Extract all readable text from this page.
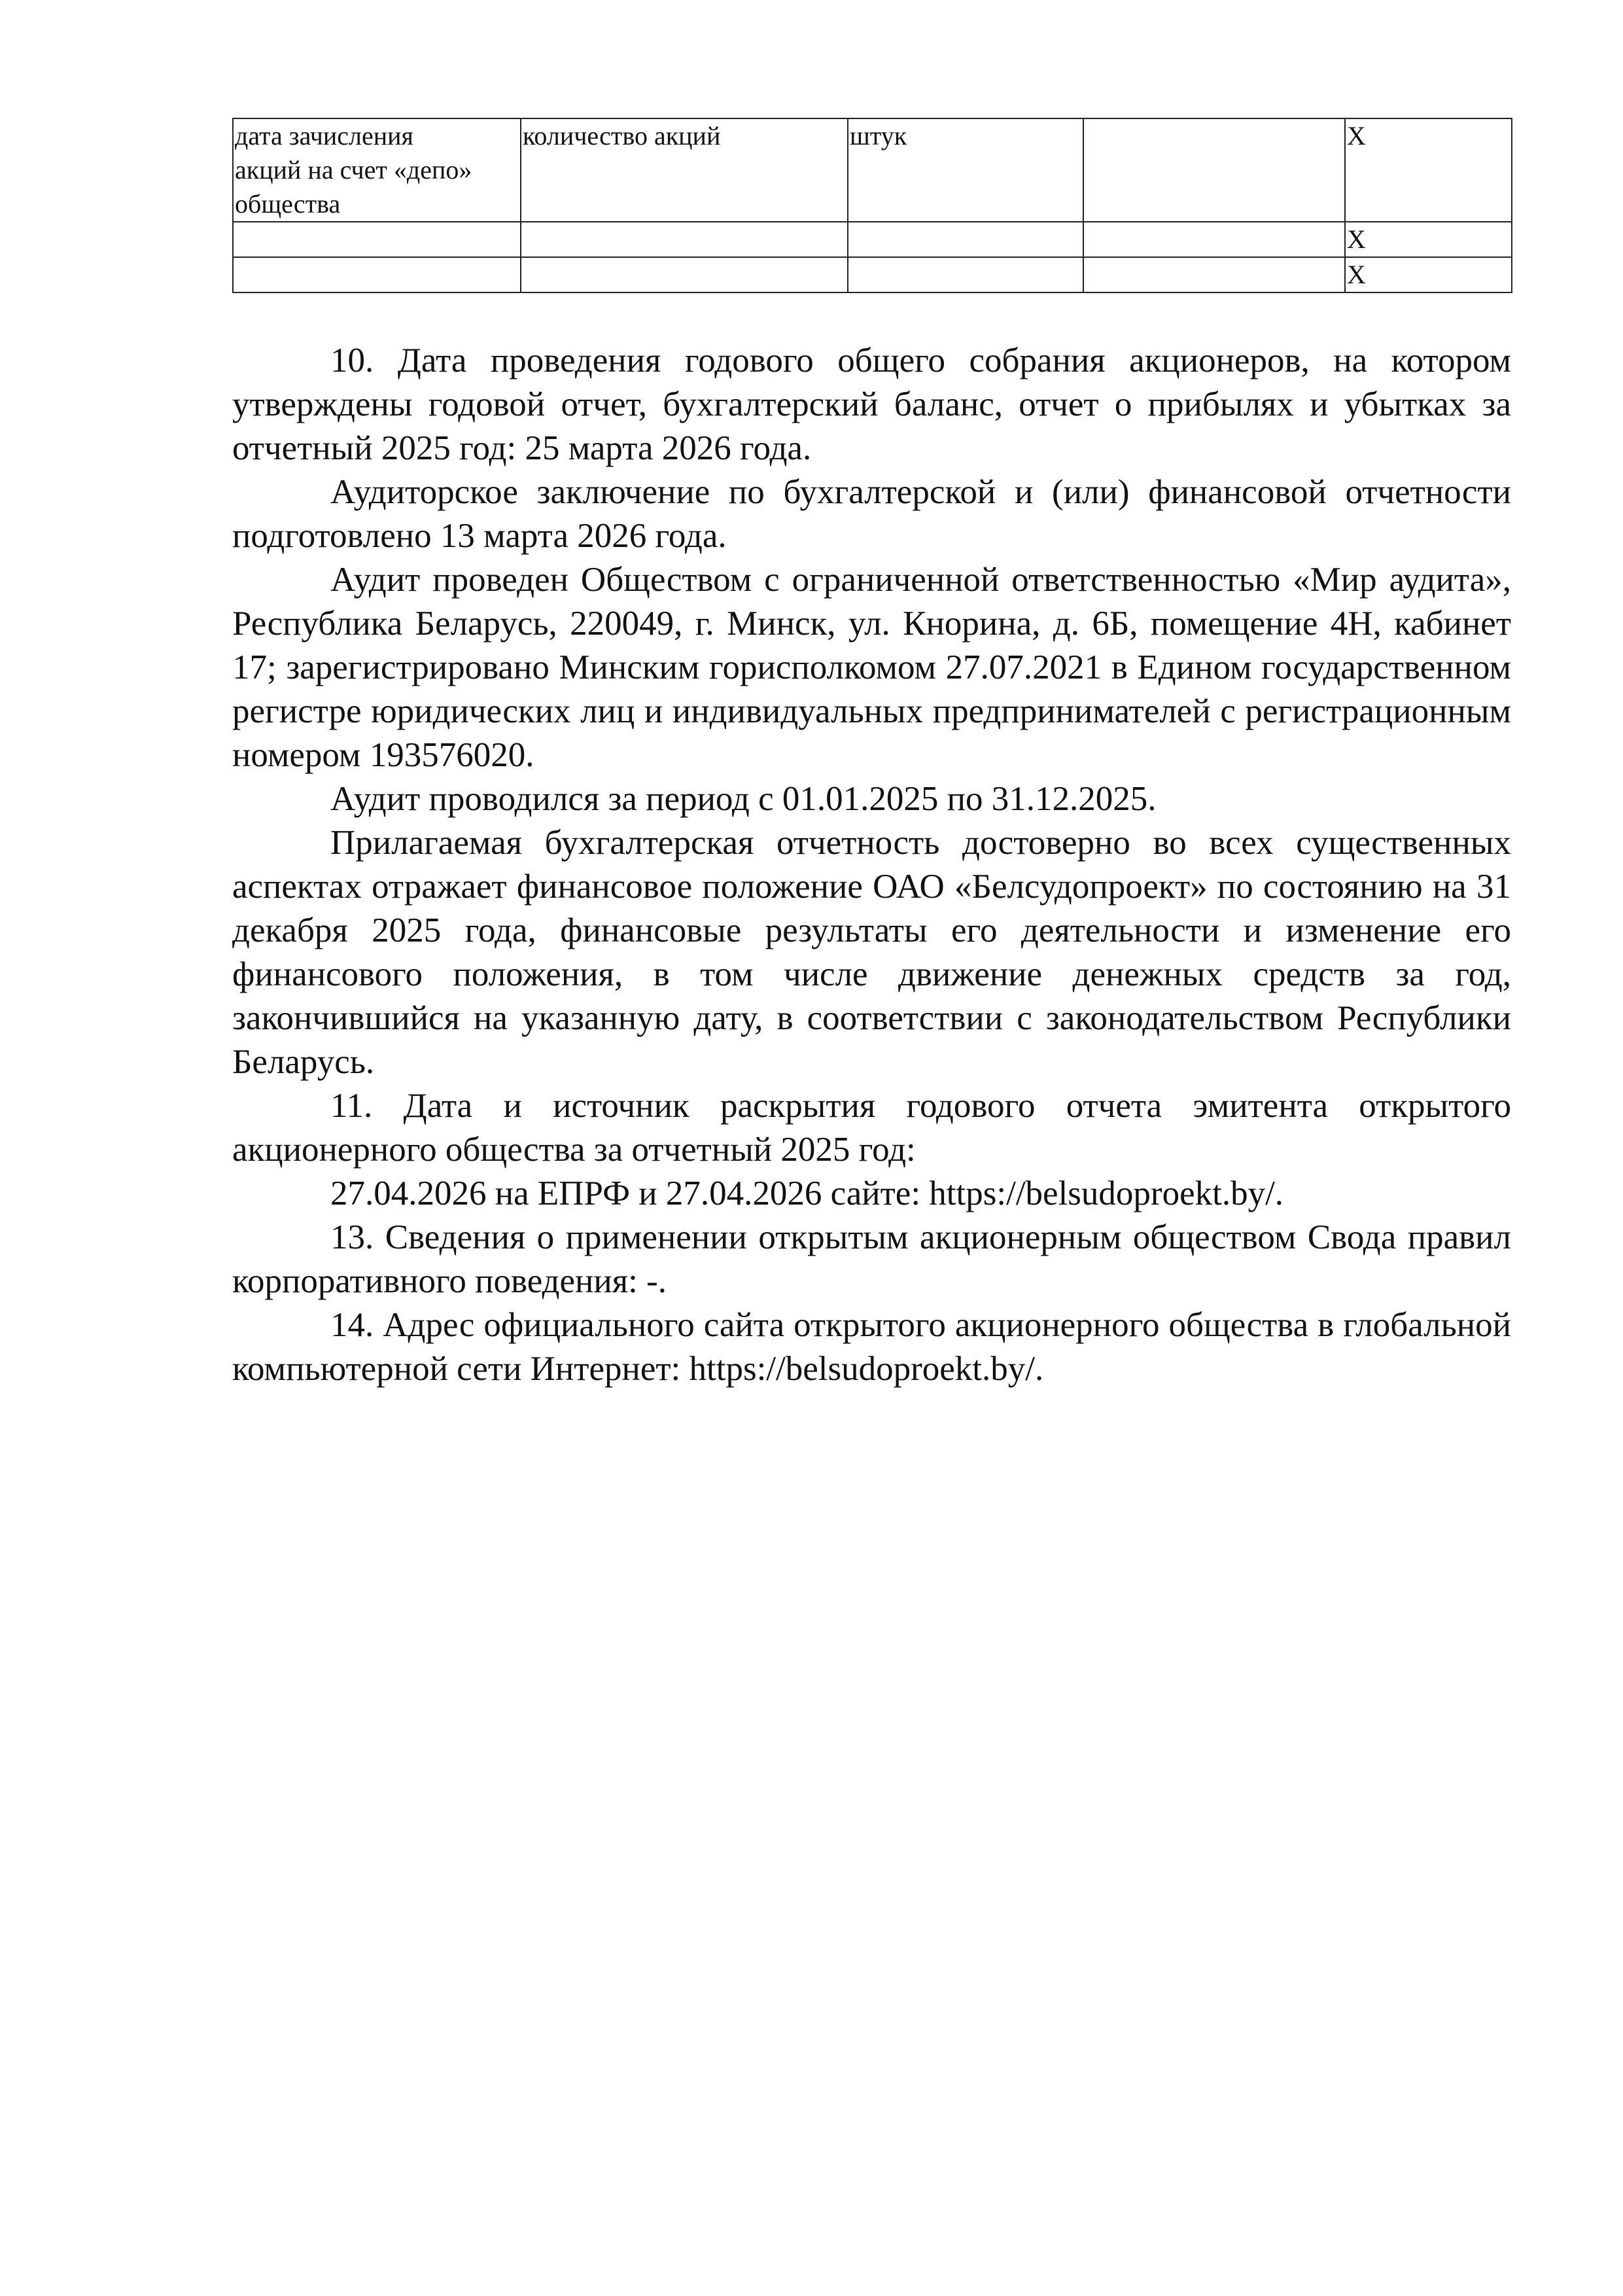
дата зачисления
акций на счет «депо»
общества	количество акций	штук		X
				X
				X

10. Дата проведения годового общего собрания акционеров, на котором утверждены годовой отчет, бухгалтерский баланс, отчет о прибылях и убытках за отчетный 2025 год: 25 марта 2026 года.

Аудиторское заключение по бухгалтерской и (или) финансовой отчетности подготовлено 13 марта 2026 года.

Аудит проведен Обществом с ограниченной ответственностью «Мир аудита», Республика Беларусь, 220049, г. Минск, ул. Кнорина, д. 6Б, помещение 4Н, кабинет 17; зарегистрировано Минским горисполкомом 27.07.2021 в Едином государственном регистре юридических лиц и индивидуальных предпринимателей с регистрационным номером 193576020.

Аудит проводился за период с 01.01.2025 по 31.12.2025.

Прилагаемая бухгалтерская отчетность достоверно во всех существенных аспектах отражает финансовое положение ОАО «Белсудопроект» по состоянию на 31 декабря 2025 года, финансовые результаты его деятельности и изменение его финансового положения, в том числе движение денежных средств за год, закончившийся на указанную дату, в соответствии с законодательством Республики Беларусь.

11. Дата и источник раскрытия годового отчета эмитента открытого акционерного общества за отчетный 2025 год:

27.04.2026 на ЕПРФ и 27.04.2026 сайте: https://belsudoproekt.by/.

13. Сведения о применении открытым акционерным обществом Свода правил корпоративного поведения: -.

14. Адрес официального сайта открытого акционерного общества в глобальной компьютерной сети Интернет: https://belsudoproekt.by/.
